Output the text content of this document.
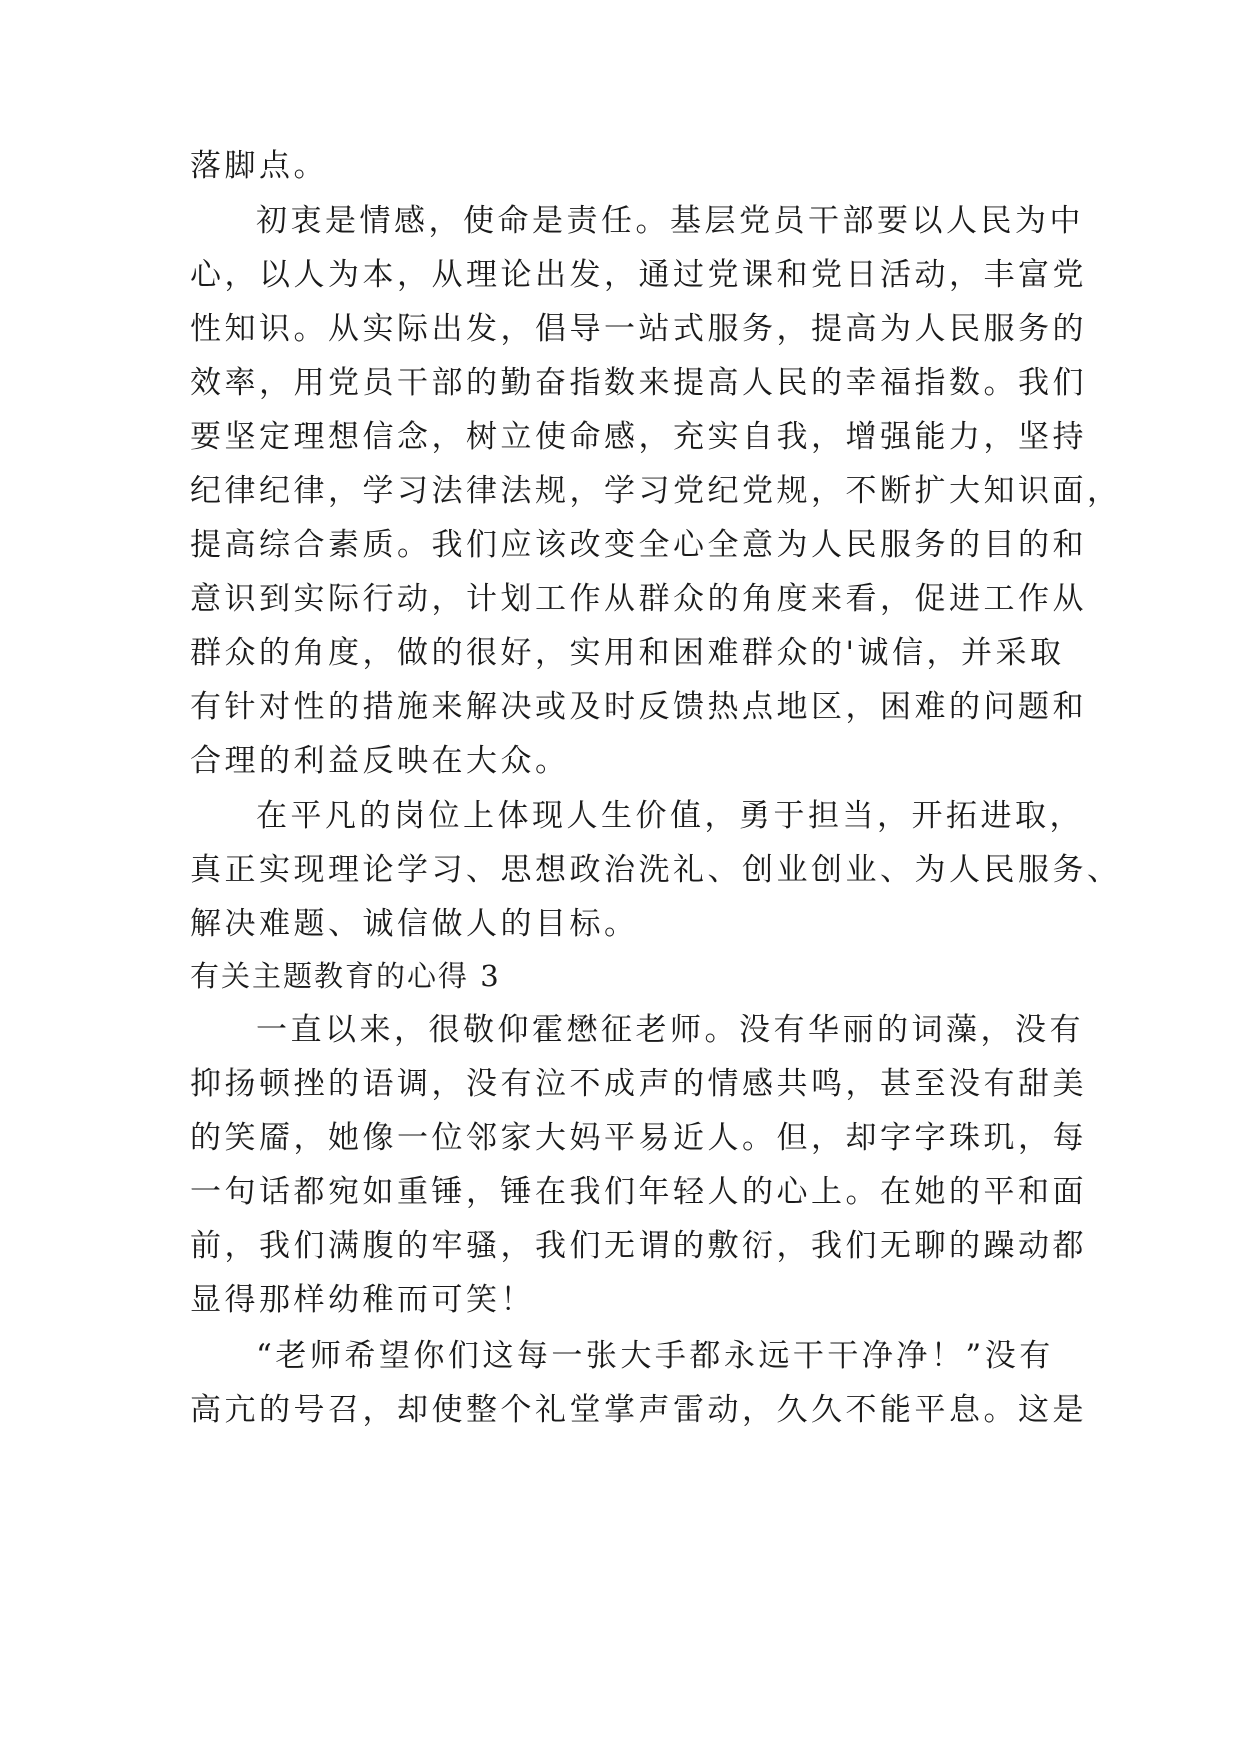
落脚点。
初衷是情感，使命是责任。基层党员干部要以人民为中
心，以人为本，从理论出发，通过党课和党日活动，丰富党
性知识。从实际出发，倡导一站式服务，提高为人民服务的
效率，用党员干部的勤奋指数来提高人民的幸福指数。我们
要坚定理想信念，树立使命感，充实自我，增强能力，坚持
纪律纪律，学习法律法规，学习党纪党规，不断扩大知识面，
提高综合素质。我们应该改变全心全意为人民服务的目的和
意识到实际行动，计划工作从群众的角度来看，促进工作从
群众的角度，做的很好，实用和困难群众的'诚信，并采取
有针对性的措施来解决或及时反馈热点地区，困难的问题和
合理的利益反映在大众。
在平凡的岗位上体现人生价值，勇于担当，开拓进取，
真正实现理论学习、思想政治洗礼、创业创业、为人民服务、
解决难题、诚信做人的目标。
有关主题教育的心得 3
一直以来，很敬仰霍懋征老师。没有华丽的词藻，没有
抑扬顿挫的语调，没有泣不成声的情感共鸣，甚至没有甜美
的笑靥，她像一位邻家大妈平易近人。但，却字字珠玑，每
一句话都宛如重锤，锤在我们年轻人的心上。在她的平和面
前，我们满腹的牢骚，我们无谓的敷衍，我们无聊的躁动都
显得那样幼稚而可笑！
“老师希望你们这每一张大手都永远干干净净！”没有
高亢的号召，却使整个礼堂掌声雷动，久久不能平息。这是
